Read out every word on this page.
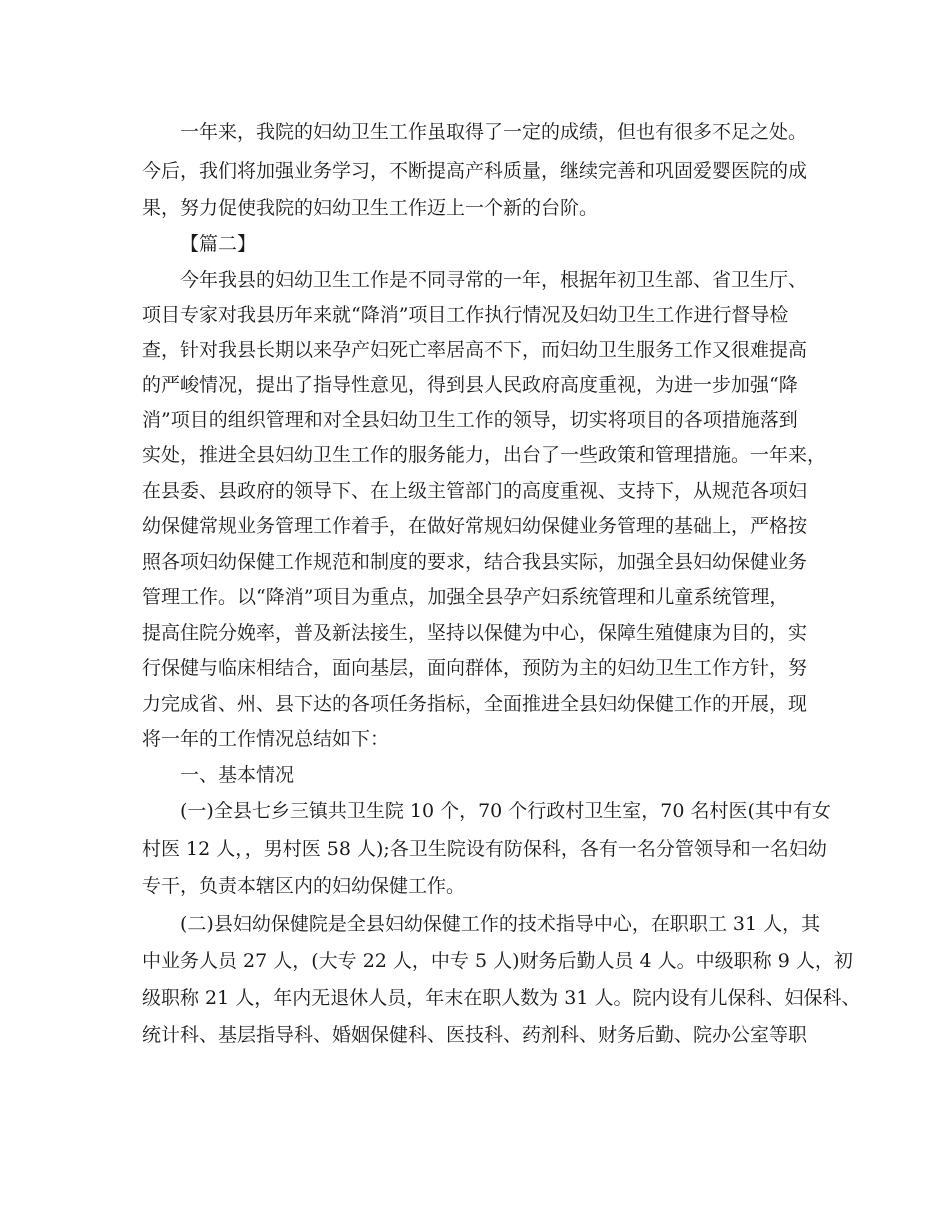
一年来，我院的妇幼卫生工作虽取得了一定的成绩，但也有很多不足之处。

今后，我们将加强业务学习，不断提高产科质量，继续完善和巩固爱婴医院的成

果，努力促使我院的妇幼卫生工作迈上一个新的台阶。

【篇二】

今年我县的妇幼卫生工作是不同寻常的一年，根据年初卫生部、省卫生厅、

项目专家对我县历年来就“降消”项目工作执行情况及妇幼卫生工作进行督导检

查，针对我县长期以来孕产妇死亡率居高不下，而妇幼卫生服务工作又很难提高

的严峻情况，提出了指导性意见，得到县人民政府高度重视，为进一步加强“降

消”项目的组织管理和对全县妇幼卫生工作的领导，切实将项目的各项措施落到

实处，推进全县妇幼卫生工作的服务能力，出台了一些政策和管理措施。一年来，

在县委、县政府的领导下、在上级主管部门的高度重视、支持下，从规范各项妇

幼保健常规业务管理工作着手，在做好常规妇幼保健业务管理的基础上，严格按

照各项妇幼保健工作规范和制度的要求，结合我县实际，加强全县妇幼保健业务

管理工作。以“降消”项目为重点，加强全县孕产妇系统管理和儿童系统管理，

提高住院分娩率，普及新法接生，坚持以保健为中心，保障生殖健康为目的，实

行保健与临床相结合，面向基层，面向群体，预防为主的妇幼卫生工作方针，努

力完成省、州、县下达的各项任务指标，全面推进全县妇幼保健工作的开展，现

将一年的工作情况总结如下：

一、基本情况

(一)全县七乡三镇共卫生院 10 个，70 个行政村卫生室，70 名村医(其中有女

村医 12 人，，男村医 58 人);各卫生院设有防保科，各有一名分管领导和一名妇幼

专干，负责本辖区内的妇幼保健工作。

(二)县妇幼保健院是全县妇幼保健工作的技术指导中心，在职职工 31 人，其

中业务人员 27 人，(大专 22 人，中专 5 人)财务后勤人员 4 人。中级职称 9 人，初

级职称 21 人，年内无退休人员，年末在职人数为 31 人。院内设有儿保科、妇保科、

统计科、基层指导科、婚姻保健科、医技科、药剂科、财务后勤、院办公室等职
